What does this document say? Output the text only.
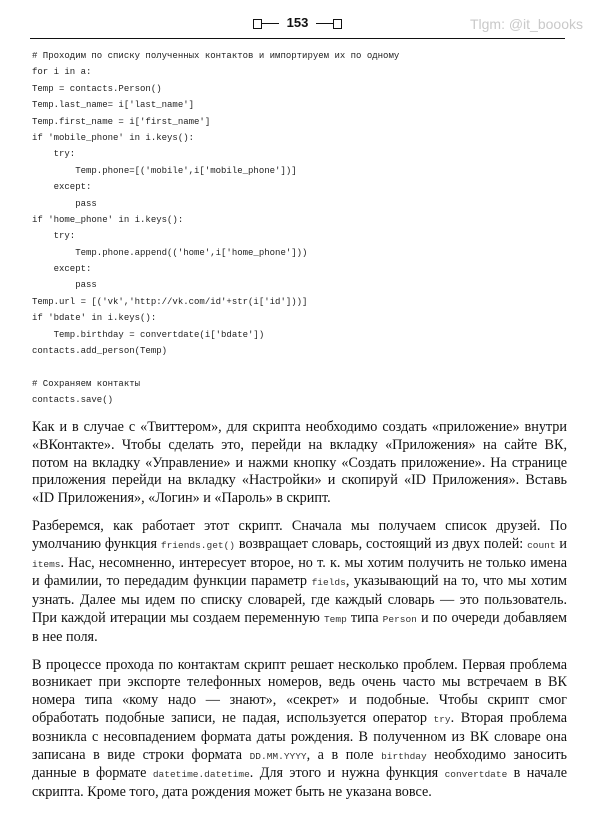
153	Tlgm: @it_boooks
# Проходим по списку полученных контактов и импортируем их по одному
for i in a:
Temp = contacts.Person()
Temp.last_name= i['last_name']
Temp.first_name = i['first_name']
if 'mobile_phone' in i.keys():
try:
Temp.phone=[('mobile',i['mobile_phone'])]
except:
pass
if 'home_phone' in i.keys():
try:
Temp.phone.append(('home',i['home_phone']))
except:
pass
Temp.url = [('vk','http://vk.com/id'+str(i['id']))]
if 'bdate' in i.keys():
Temp.birthday = convertdate(i['bdate'])
contacts.add_person(Temp)
# Сохраняем контакты
contacts.save()

Как и в случае с «Твиттером», для скрипта необходимо создать «приложение» внутри «ВКонтакте». Чтобы сделать это, перейди на вкладку «Приложения» на сайте ВК, потом на вкладку «Управление» и нажми кнопку «Создать приложение». На странице приложения перейди на вкладку «Настройки» и скопируй «ID Приложения». Вставь «ID Приложения», «Логин» и «Пароль» в скрипт.

Разберемся, как работает этот скрипт. Сначала мы получаем список друзей. По умолчанию функция friends.get() возвращает словарь, состоящий из двух полей: count и items. Нас, несомненно, интересует второе, но т. к. мы хотим получить не только имена и фамилии, то передадим функции параметр fields, указывающий на то, что мы хотим узнать. Далее мы идем по списку словарей, где каждый словарь — это пользователь. При каждой итерации мы создаем переменную Temp типа Person и по очереди добавляем в нее поля.

В процессе прохода по контактам скрипт решает несколько проблем. Первая проблема возникает при экспорте телефонных номеров, ведь очень часто мы встречаем в ВК номера типа «кому надо — знают», «секрет» и подобные. Чтобы скрипт смог обработать подобные записи, не падая, используется оператор try. Вторая проблема возникла с несовпадением формата даты рождения. В полученном из ВК словаре она записана в виде строки формата DD.MM.YYYY, а в поле birthday необходимо заносить данные в формате datetime.datetime. Для этого и нужна функция convertdate в начале скрипта. Кроме того, дата рождения может быть не указана вовсе.
